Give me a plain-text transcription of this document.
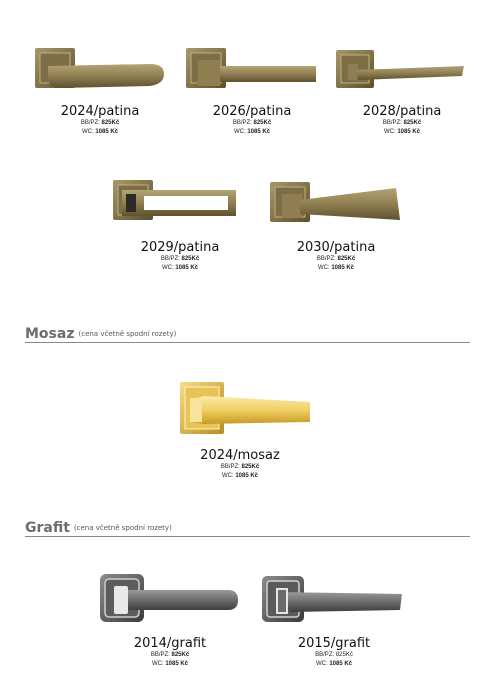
2024/patina
BB/PZ: 825Kč
WC: 1085 Kč
2026/patina
BB/PZ: 825Kč
WC: 1085 Kč
2028/patina
BB/PZ: 825Kč
WC: 1085 Kč
2029/patina
BB/PZ: 825Kč
WC: 1085 Kč
2030/patina
BB/PZ: 825Kč
WC: 1085 Kč
Mosaz (cena včetně spodní rozety)
2024/mosaz
BB/PZ: 825Kč
WC: 1085 Kč
Grafit (cena včetně spodní rozety)
2014/grafit
BB/PZ: 825Kč
WC: 1085 Kč
2015/grafit
BB/PZ: 825Kč
WC: 1085 Kč
